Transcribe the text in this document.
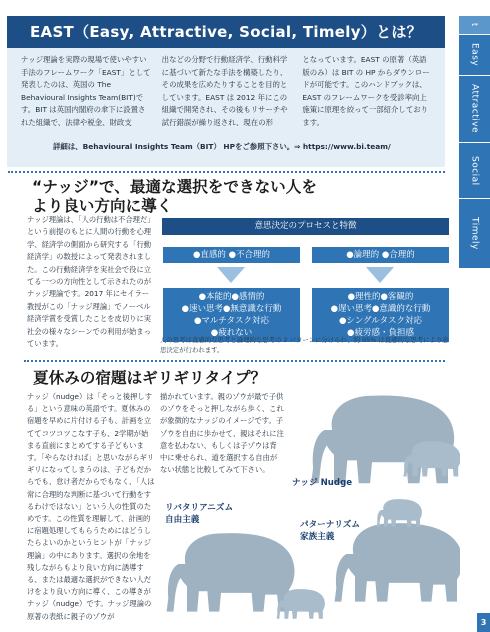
EAST（Easy, Attractive, Social, Timely）とは？

ナッジ理論を実際の現場で使いやすい手法のフレームワーク「EAST」として発表したのは、英国の The Behavioural Insights Team(BIT)です。BIT は英国内閣府の傘下に設置された組織で、法律や税金、財政支

出などの分野で行動経済学、行動科学に基づいて新たな手法を構築したり、その成果を広めたりすることを目的としています。EAST は 2012 年にこの組織で開発され、その後もリサーチや試行錯誤が繰り返され、現在の形

となっています。EAST の原著（英語版のみ）は BIT の HP からダウンロードが可能です。このハンドブックは、EAST のフレームワークを受診率向上施策に原理を絞って一部紹介しております。

詳細は、Behavioural Insights Team（BIT） HPをご参照下さい。⇒ https://www.bi.team/

t
Easy
Attractive
Social
Timely
“ナッジ”で、最適な選択をできない人を
より良い方向に導く

ナッジ理論は、「人の行動は不合理だ」という前提のもとに人間の行動を心理学、経済学の側面から研究する「行動経済学」の数授によって発表されました。この行動経済学を実社会で役に立てる一つの方向性として示されたのがナッジ理論です。2017 年にセイラー教授がこの「ナッジ理論」でノーベル経済学賞を受賞したことを皮切りに実社会の様々なシーンでの利用が始まっています。

意思決定のプロセスと特徴
●直感的 ●不合理的	●論理的 ●合理的
●本能的●感情的
●速い思考●無意識な行動
●マルチタスク対応
●疲れない
●理性的●客観的
●遅い思考●意識的な行動
●シングルタスク対応
●疲労感・負担感

人の思考は直感的な思考と論理的な思考の 2 パターンに分けられ、約 95% は直感的な思考により意思決定が行われます。

夏休みの宿題はギリギリタイプ？

ナッジ（nudge）は「そっと後押しする」という意味の英語です。夏休みの宿題を早めに片付ける子も、計画を立ててコツコツこなす子も、2学期が始まる直前にまとめてする子どもいます。「やらなければ」と思いながらギリギリになってしまうのは、子どもだからでも、怠け者だからでもなく、「人は常に合理的な判断に基づいて行動をするわけではない」という人の性質のためです。この性質を理解して、計画的に宿題処理してもらうためにはどうしたらよいのかというヒントが「ナッジ理論」の中にあります。選択の余地を残しながらもより良い方向に誘導する、または最適な選択ができない人だけをより良い方向に導く、この導きがナッジ（nudge）です。ナッジ理論の原著の表紙に親子のゾウが

描かれています。親のゾウが最で子供のゾウをそっと押しながら歩く、これが象徴的なナッジのイメージです。子ゾウを自由に歩かせて、親はそれに注意を払わない、もしくは子ゾウは背中に乗せられ、道を選択する自由がない状態と比較してみて下さい。

ナッジ Nudge
リバタリアニズム
自由主義	パターナリズム
家族主義
3
